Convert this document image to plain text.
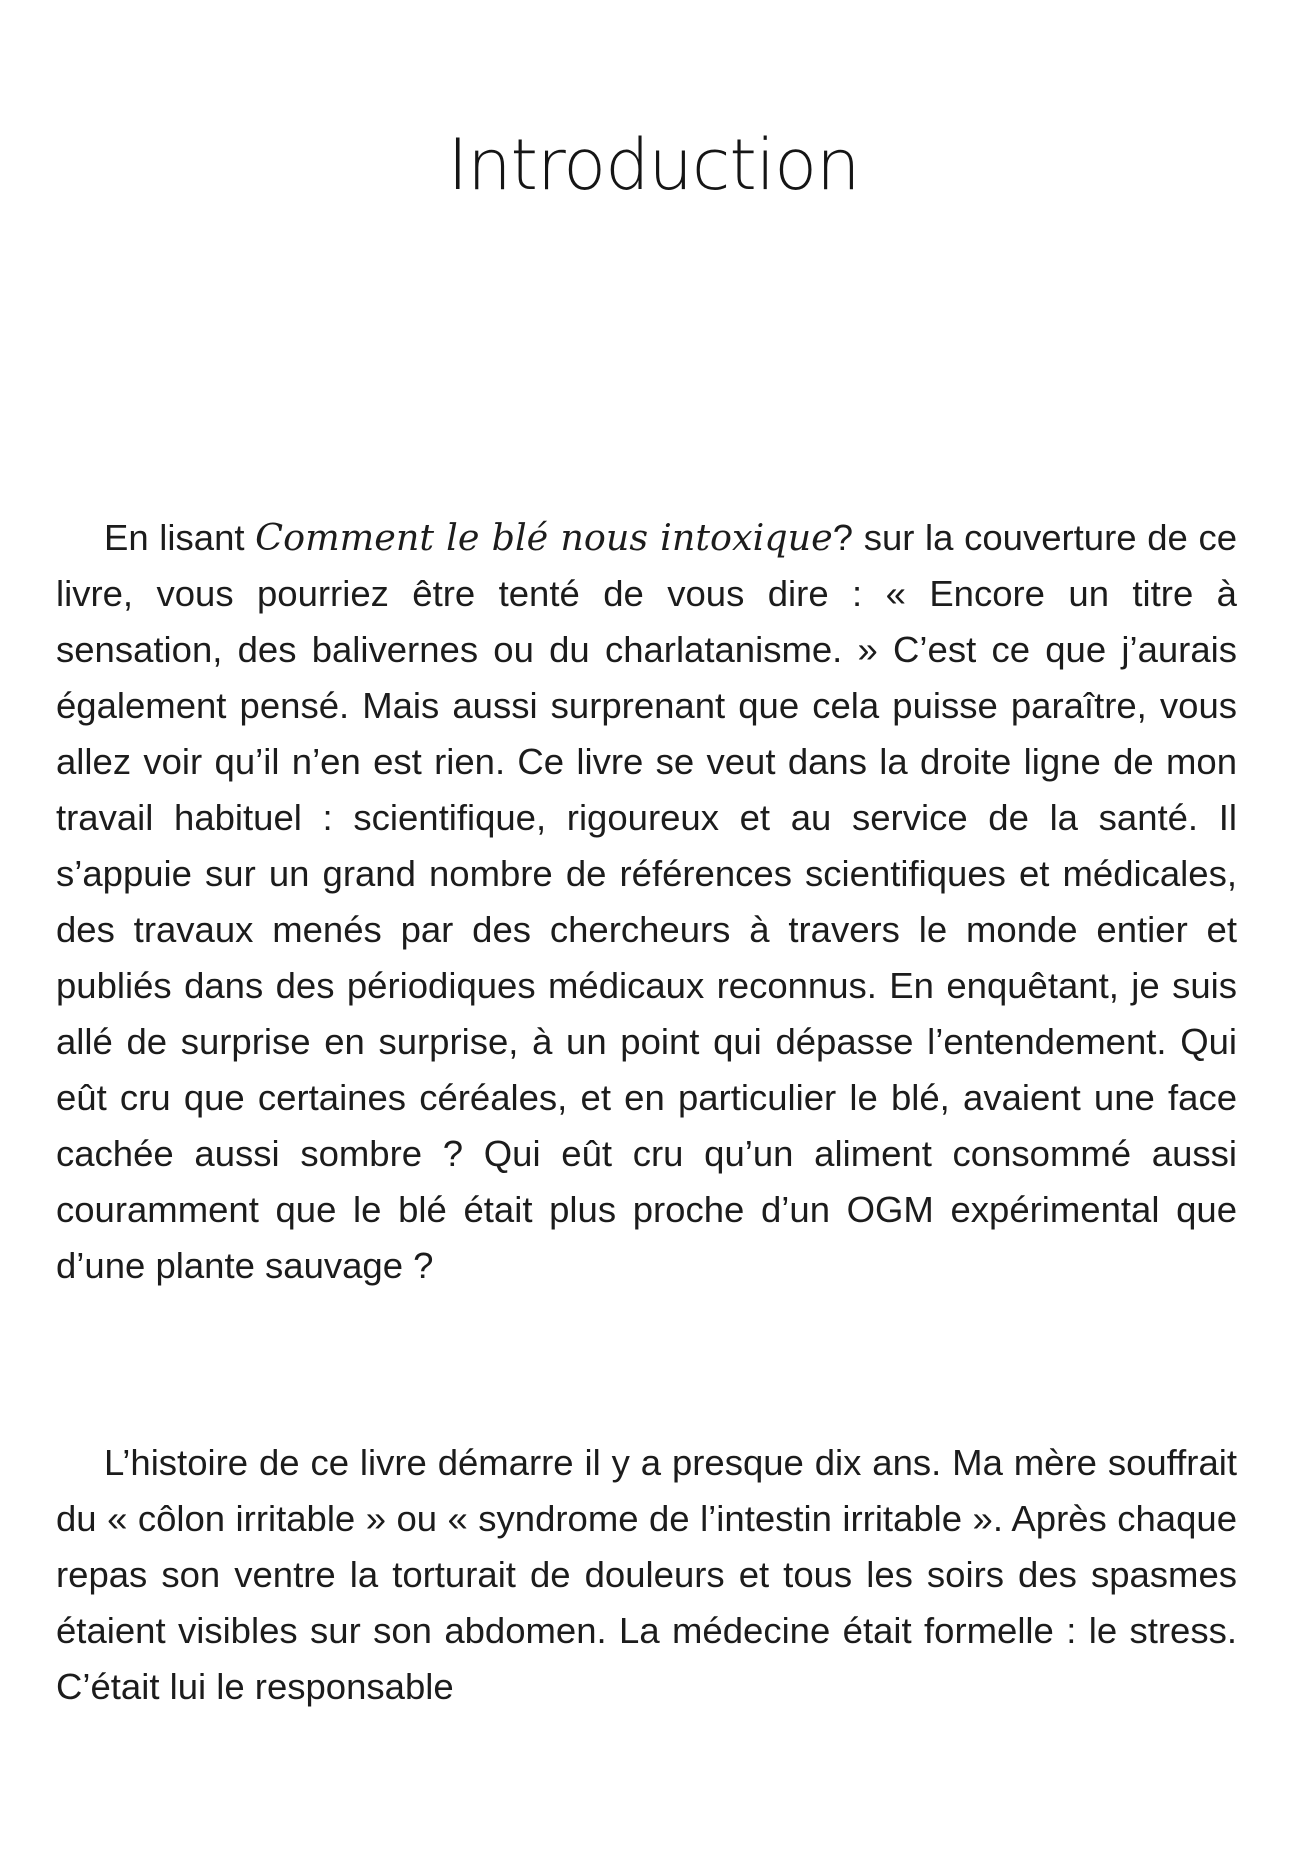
Introduction

En lisant Comment le blé nous intoxique? sur la couverture de ce livre, vous pourriez être tenté de vous dire : « Encore un titre à sensation, des balivernes ou du charlatanisme. » C’est ce que j’aurais également pensé. Mais aussi surprenant que cela puisse paraître, vous allez voir qu’il n’en est rien. Ce livre se veut dans la droite ligne de mon travail habituel : scientifique, rigoureux et au service de la santé. Il s’appuie sur un grand nombre de références scientifiques et médicales, des travaux menés par des chercheurs à travers le monde entier et publiés dans des périodiques médicaux reconnus. En enquêtant, je suis allé de surprise en surprise, à un point qui dépasse l’entendement. Qui eût cru que certaines céréales, et en particulier le blé, avaient une face cachée aussi sombre ? Qui eût cru qu’un aliment consommé aussi couramment que le blé était plus proche d’un OGM expérimental que d’une plante sauvage ?

L’histoire de ce livre démarre il y a presque dix ans. Ma mère souffrait du « côlon irritable » ou « syndrome de l’intestin irritable ». Après chaque repas son ventre la torturait de douleurs et tous les soirs des spasmes étaient visibles sur son abdomen. La médecine était formelle : le stress. C’était lui le responsable
